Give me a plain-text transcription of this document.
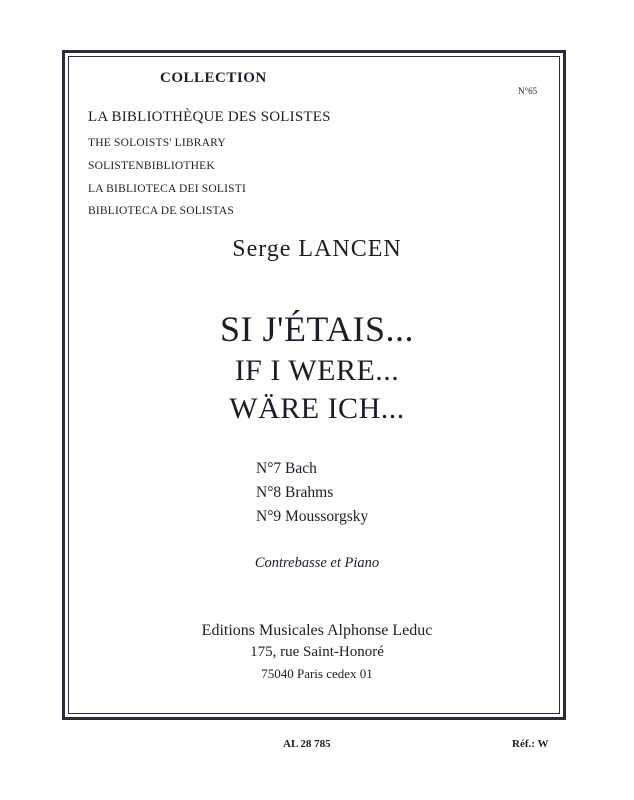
COLLECTION
N°65
LA BIBLIOTHÈQUE DES SOLISTES
THE SOLOISTS' LIBRARY
SOLISTENBIBLIOTHEK
LA BIBLIOTECA DEI SOLISTI
BIBLIOTECA DE SOLISTAS
Serge LANCEN
SI J'ÉTAIS...
IF I WERE...
WÄRE ICH...
N°7 Bach
N°8 Brahms
N°9 Moussorgsky
Contrebasse et Piano
Editions Musicales Alphonse Leduc
175, rue Saint-Honoré
75040 Paris cedex 01
AL 28 785	Réf.: W
